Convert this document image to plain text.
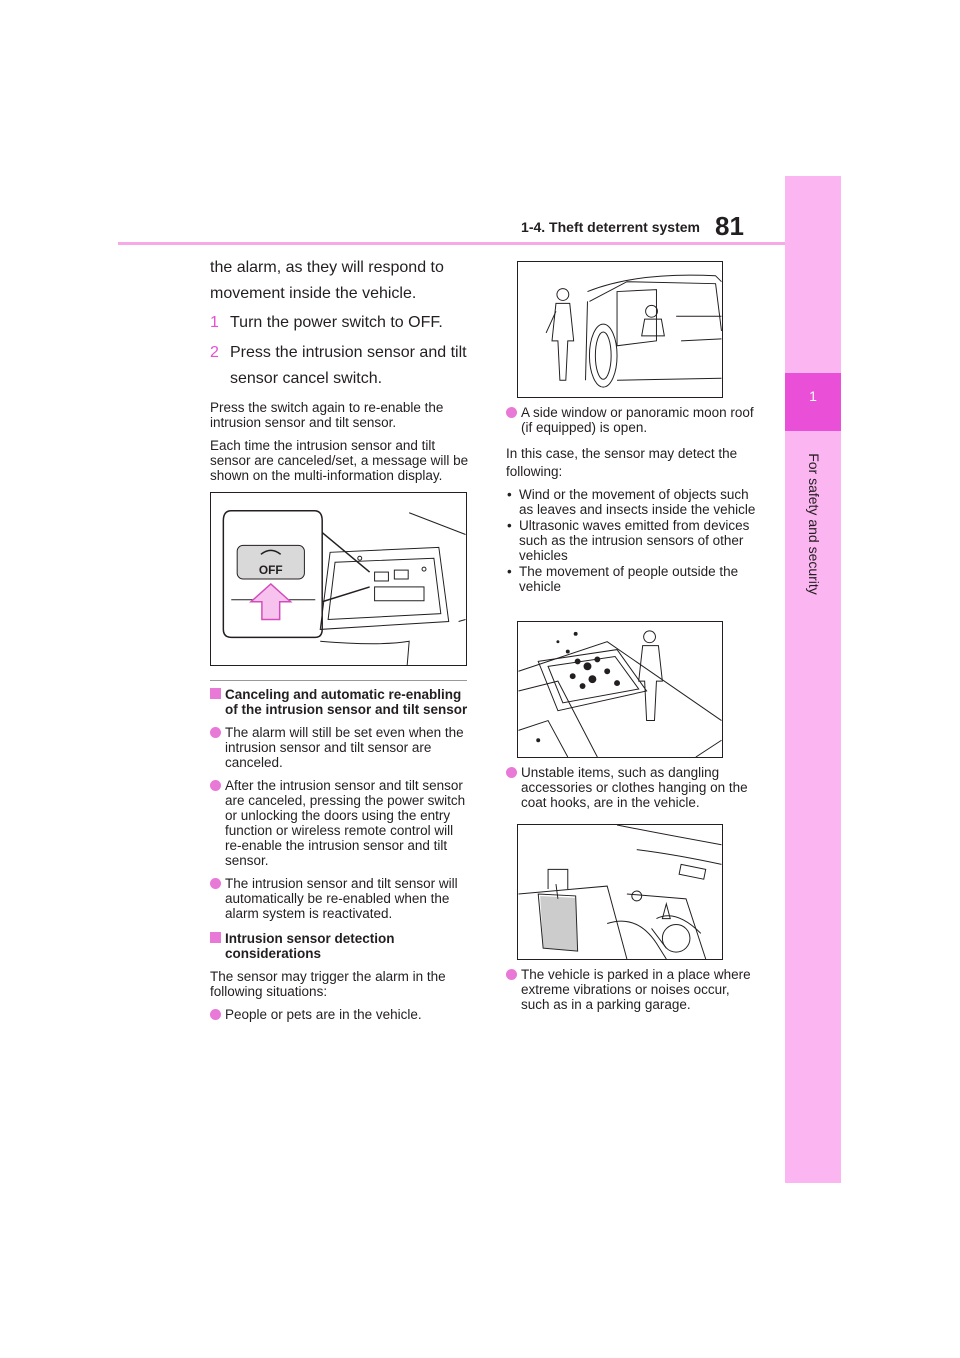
1-4. Theft deterrent system 81
1
For safety and security
the alarm, as they will respond to movement inside the vehicle.
1 Turn the power switch to OFF.
2 Press the intrusion sensor and tilt sensor cancel switch.

Press the switch again to re-enable the intrusion sensor and tilt sensor.

Each time the intrusion sensor and tilt sensor are canceled/set, a message will be shown on the multi-information display.

OFF
Canceling and automatic re-enabling of the intrusion sensor and tilt sensor
The alarm will still be set even when the intrusion sensor and tilt sensor are canceled.
After the intrusion sensor and tilt sensor are canceled, pressing the power switch or unlocking the doors using the entry function or wireless remote control will re-enable the intrusion sensor and tilt sensor.
The intrusion sensor and tilt sensor will automatically be re-enabled when the alarm system is reactivated.
Intrusion sensor detection considerations

The sensor may trigger the alarm in the following situations:

People or pets are in the vehicle.
A side window or panoramic moon roof (if equipped) is open.

In this case, the sensor may detect the following:

• Wind or the movement of objects such as leaves and insects inside the vehicle
• Ultrasonic waves emitted from devices such as the intrusion sensors of other vehicles
• The movement of people outside the vehicle
Unstable items, such as dangling accessories or clothes hanging on the coat hooks, are in the vehicle.
The vehicle is parked in a place where extreme vibrations or noises occur, such as in a parking garage.
